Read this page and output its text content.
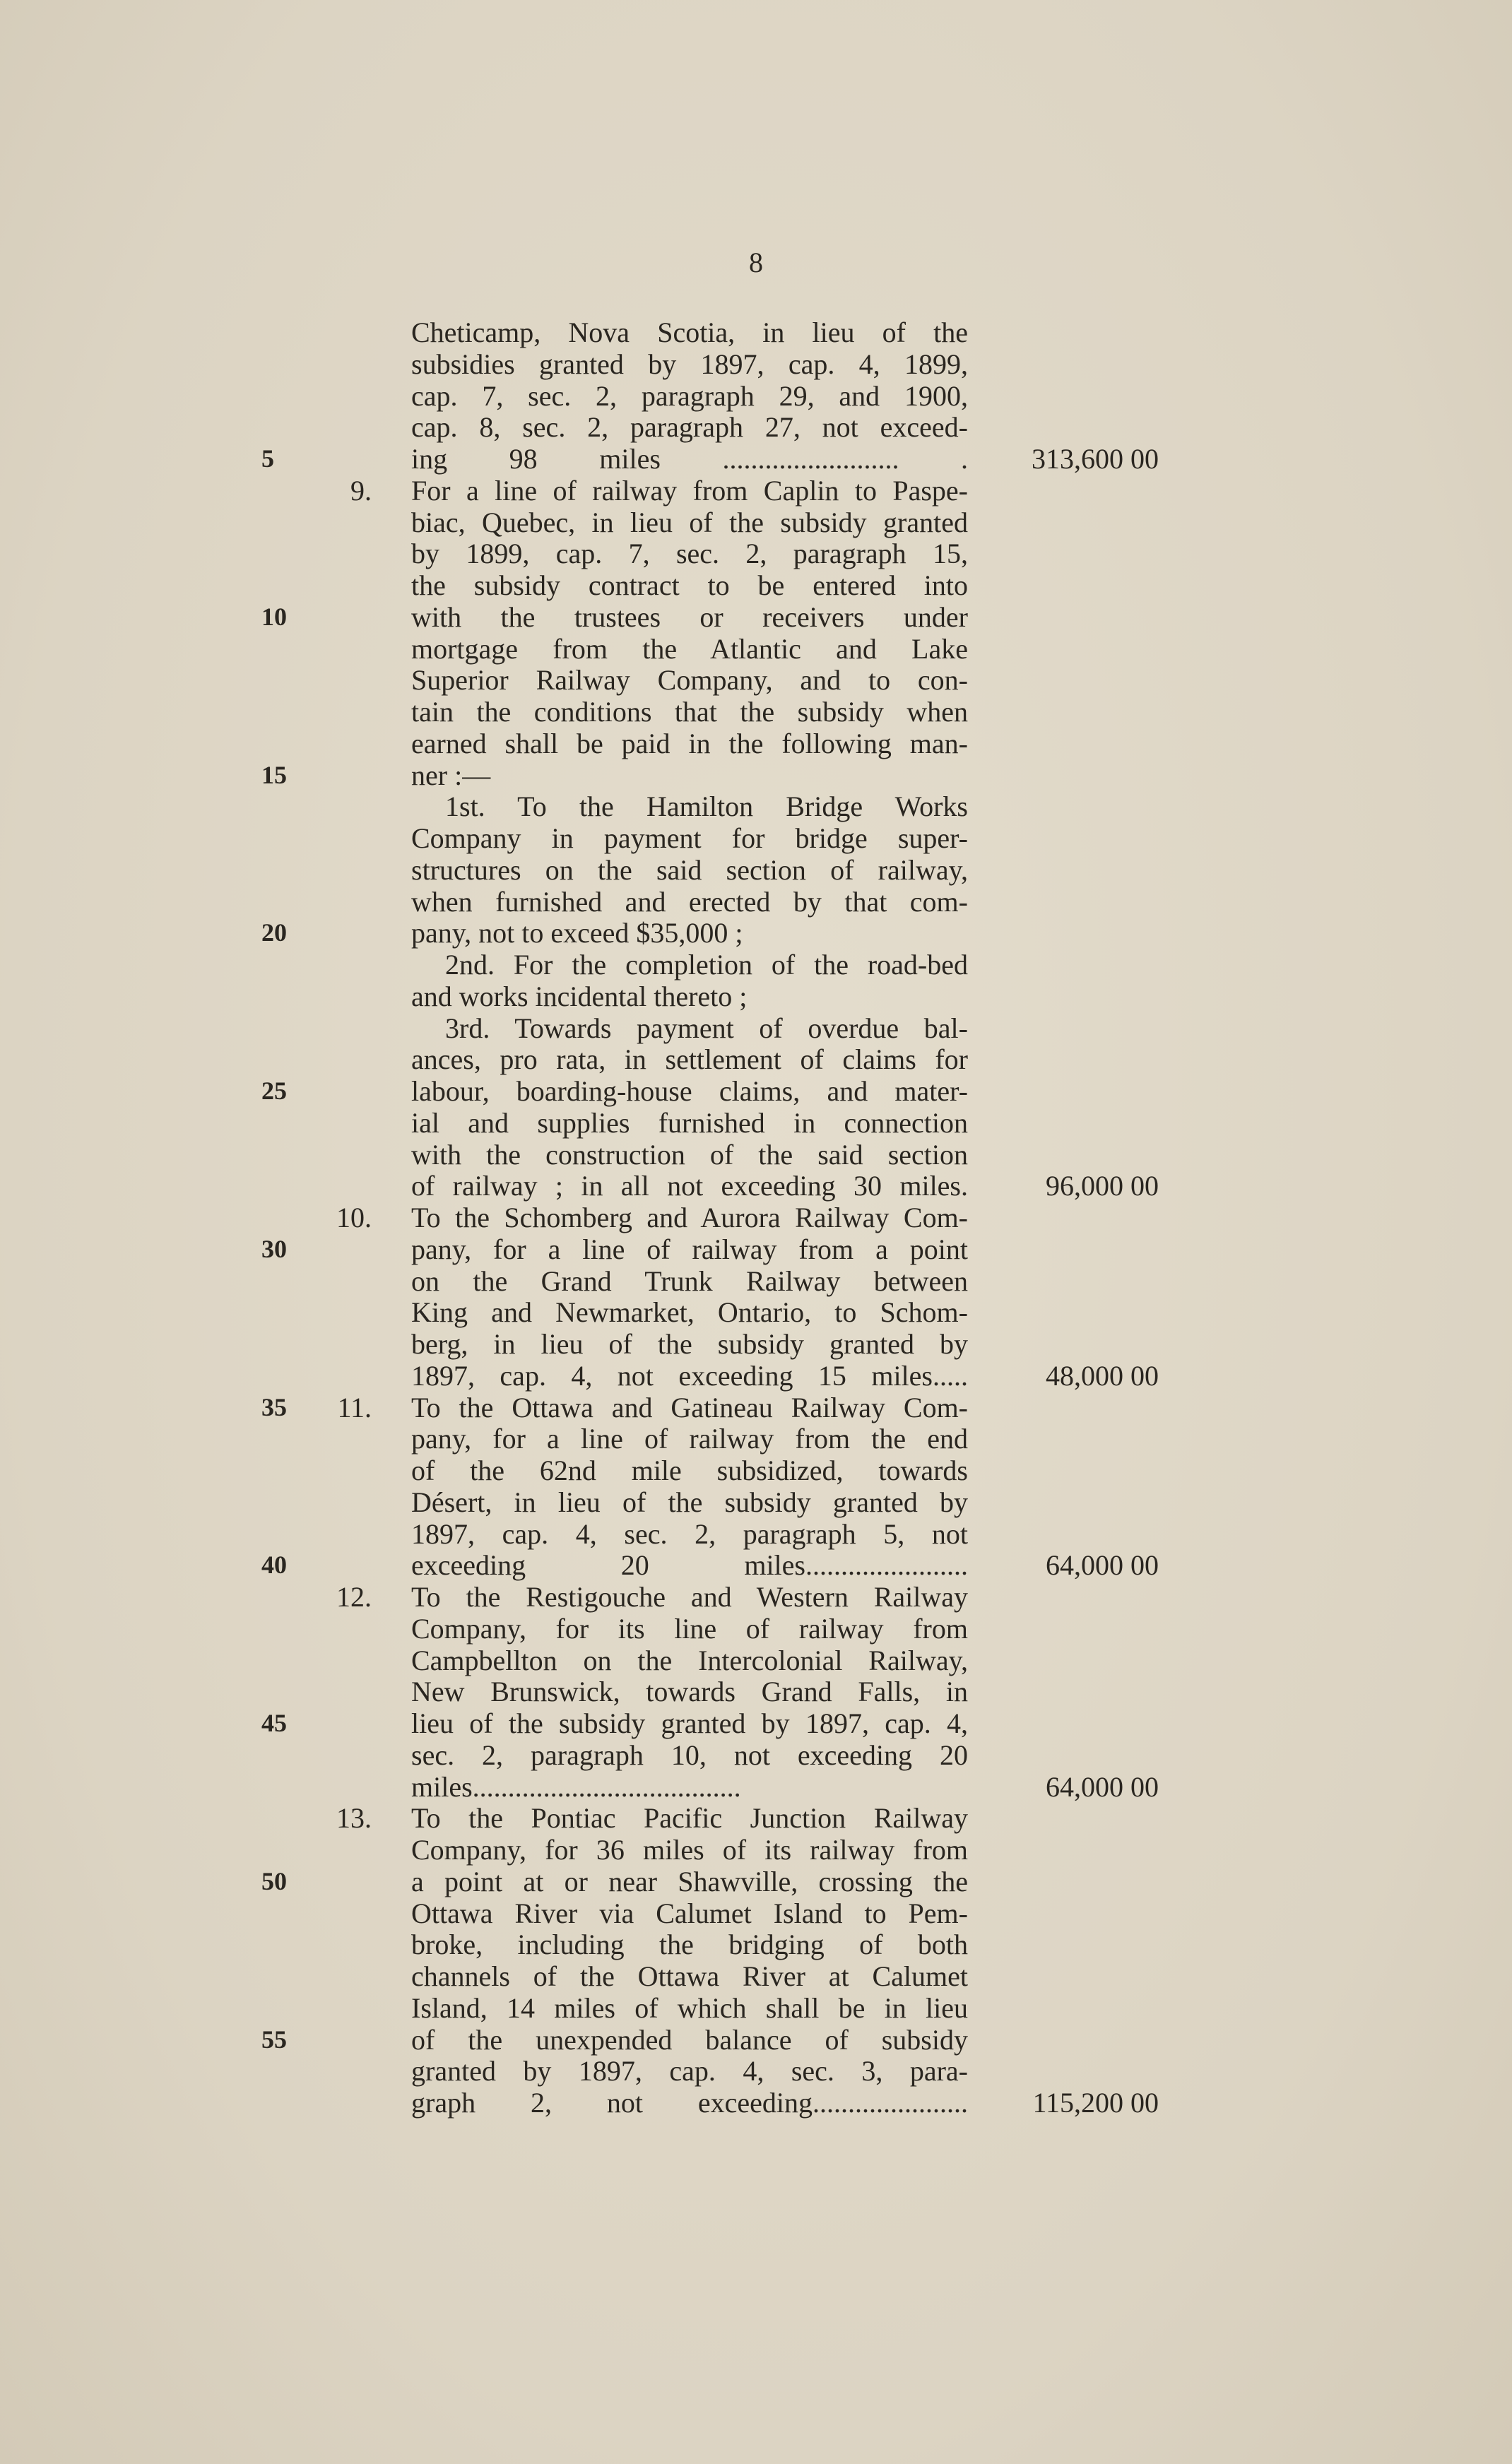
8
Cheticamp, Nova Scotia, in lieu of the
subsidies granted by 1897, cap. 4, 1899,
cap. 7, sec. 2, paragraph 29, and 1900,
cap. 8, sec. 2, paragraph 27, not exceed-
ing 98 miles ......................... .
For a line of railway from Caplin to Paspe-
biac, Quebec, in lieu of the subsidy granted
by 1899, cap. 7, sec. 2, paragraph 15,
the subsidy contract to be entered into
with the trustees or receivers under
mortgage from the Atlantic and Lake
Superior Railway Company, and to con-
tain the conditions that the subsidy when
earned shall be paid in the following man-
ner :—
1st. To the Hamilton Bridge Works
Company in payment for bridge super-
structures on the said section of railway,
when furnished and erected by that com-
pany, not to exceed $35,000 ;
2nd. For the completion of the road-bed
and works incidental thereto ;
3rd. Towards payment of overdue bal-
ances, pro rata, in settlement of claims for
labour, boarding-house claims, and mater-
ial and supplies furnished in connection
with the construction of the said section
of railway ; in all not exceeding 30 miles.
To the Schomberg and Aurora Railway Com-
pany, for a line of railway from a point
on the Grand Trunk Railway between
King and Newmarket, Ontario, to Schom-
berg, in lieu of the subsidy granted by
1897, cap. 4, not exceeding 15 miles.....
To the Ottawa and Gatineau Railway Com-
pany, for a line of railway from the end
of the 62nd mile subsidized, towards
Désert, in lieu of the subsidy granted by
1897, cap. 4, sec. 2, paragraph 5, not
exceeding 20 miles.......................
To the Restigouche and Western Railway
Company, for its line of railway from
Campbellton on the Intercolonial Railway,
New Brunswick, towards Grand Falls, in
lieu of the subsidy granted by 1897, cap. 4,
sec. 2, paragraph 10, not exceeding 20
miles......................................
To the Pontiac Pacific Junction Railway
Company, for 36 miles of its railway from
a point at or near Shawville, crossing the
Ottawa River via Calumet Island to Pem-
broke, including the bridging of both
channels of the Ottawa River at Calumet
Island, 14 miles of which shall be in lieu
of the unexpended balance of subsidy
granted by 1897, cap. 4, sec. 3, para-
graph 2, not exceeding......................
9.
10.
11.
12.
13.
313,600 00
96,000 00
48,000 00
64,000 00
64,000 00
115,200 00
5
10
15
20
25
30
35
40
45
50
55
